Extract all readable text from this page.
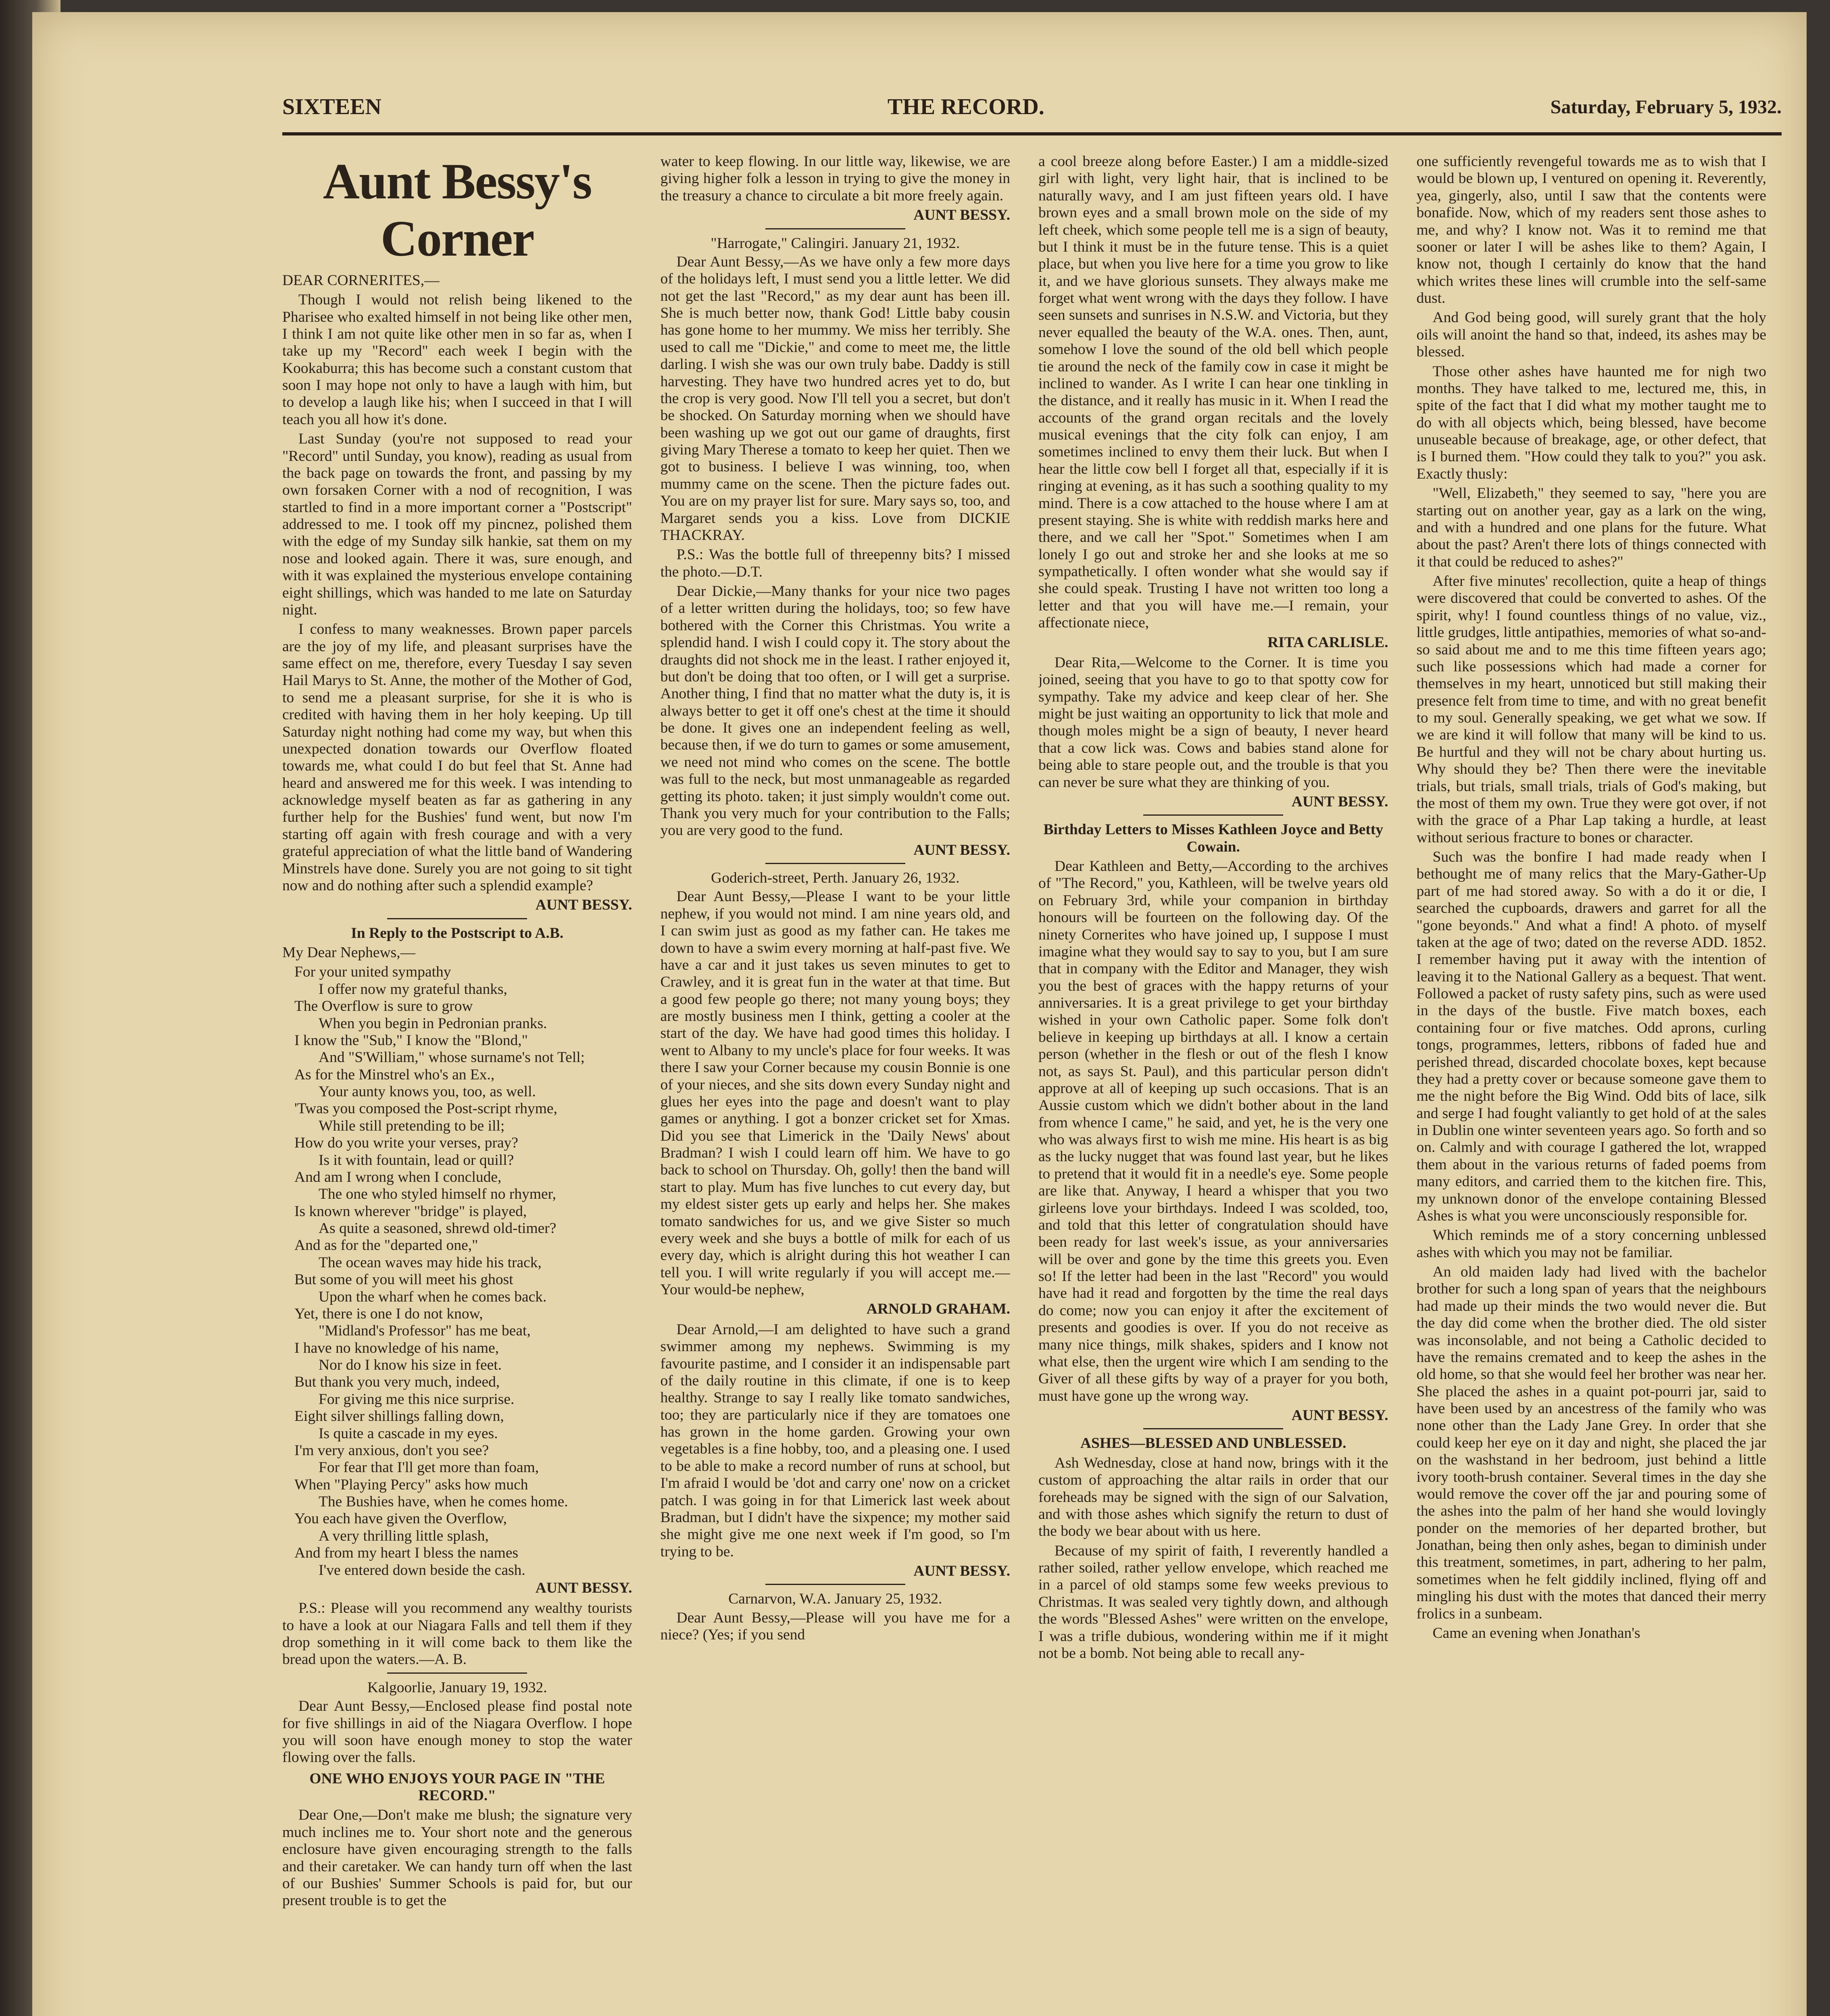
SIXTEEN	THE RECORD.	Saturday, February 5, 1932.
Aunt Bessy's Corner

DEAR CORNERITES,—

Though I would not relish being likened to the Pharisee who exalted himself in not being like other men, I think I am not quite like other men in so far as, when I take up my "Record" each week I begin with the Kookaburra; this has become such a constant custom that soon I may hope not only to have a laugh with him, but to develop a laugh like his; when I succeed in that I will teach you all how it's done.

Last Sunday (you're not supposed to read your "Record" until Sunday, you know), reading as usual from the back page on towards the front, and passing by my own forsaken Corner with a nod of recognition, I was startled to find in a more important corner a "Postscript" addressed to me. I took off my pincnez, polished them with the edge of my Sunday silk hankie, sat them on my nose and looked again. There it was, sure enough, and with it was explained the mysterious envelope containing eight shillings, which was handed to me late on Saturday night.

I confess to many weaknesses. Brown paper parcels are the joy of my life, and pleasant surprises have the same effect on me, therefore, every Tuesday I say seven Hail Marys to St. Anne, the mother of the Mother of God, to send me a pleasant surprise, for she it is who is credited with having them in her holy keeping. Up till Saturday night nothing had come my way, but when this unexpected donation towards our Overflow floated towards me, what could I do but feel that St. Anne had heard and answered me for this week. I was intending to acknowledge myself beaten as far as gathering in any further help for the Bushies' fund went, but now I'm starting off again with fresh courage and with a very grateful appreciation of what the little band of Wandering Minstrels have done. Surely you are not going to sit tight now and do nothing after such a splendid example?

AUNT BESSY.
In Reply to the Postscript to A.B.

My Dear Nephews,—

For your united sympathy

I offer now my grateful thanks,

The Overflow is sure to grow

When you begin in Pedronian pranks.

I know the "Sub," I know the "Blond,"

And "S'William," whose surname's not Tell;

As for the Minstrel who's an Ex.,

Your aunty knows you, too, as well.

'Twas you composed the Post-script rhyme,

While still pretending to be ill;

How do you write your verses, pray?

Is it with fountain, lead or quill?

And am I wrong when I conclude,

The one who styled himself no rhymer,

Is known wherever "bridge" is played,

As quite a seasoned, shrewd old-timer?

And as for the "departed one,"

The ocean waves may hide his track,

But some of you will meet his ghost

Upon the wharf when he comes back.

Yet, there is one I do not know,

"Midland's Professor" has me beat,

I have no knowledge of his name,

Nor do I know his size in feet.

But thank you very much, indeed,

For giving me this nice surprise.

Eight silver shillings falling down,

Is quite a cascade in my eyes.

I'm very anxious, don't you see?

For fear that I'll get more than foam,

When "Playing Percy" asks how much

The Bushies have, when he comes home.

You each have given the Overflow,

A very thrilling little splash,

And from my heart I bless the names

I've entered down beside the cash.

AUNT BESSY.

P.S.: Please will you recommend any wealthy tourists to have a look at our Niagara Falls and tell them if they drop something in it will come back to them like the bread upon the waters.—A. B.

Kalgoorlie, January 19, 1932.

Dear Aunt Bessy,—Enclosed please find postal note for five shillings in aid of the Niagara Overflow. I hope you will soon have enough money to stop the water flowing over the falls.

ONE WHO ENJOYS YOUR PAGE IN "THE RECORD."

Dear One,—Don't make me blush; the signature very much inclines me to. Your short note and the generous enclosure have given encouraging strength to the falls and their caretaker. We can handy turn off when the last of our Bushies' Summer Schools is paid for, but our present trouble is to get the

water to keep flowing. In our little way, likewise, we are giving higher folk a lesson in trying to give the money in the treasury a chance to circulate a bit more freely again.

AUNT BESSY.
"Harrogate," Calingiri. January 21, 1932.

Dear Aunt Bessy,—As we have only a few more days of the holidays left, I must send you a little letter. We did not get the last "Record," as my dear aunt has been ill. She is much better now, thank God! Little baby cousin has gone home to her mummy. We miss her terribly. She used to call me "Dickie," and come to meet me, the little darling. I wish she was our own truly babe. Daddy is still harvesting. They have two hundred acres yet to do, but the crop is very good. Now I'll tell you a secret, but don't be shocked. On Saturday morning when we should have been washing up we got out our game of draughts, first giving Mary Therese a tomato to keep her quiet. Then we got to business. I believe I was winning, too, when mummy came on the scene. Then the picture fades out. You are on my prayer list for sure. Mary says so, too, and Margaret sends you a kiss. Love from DICKIE THACKRAY.

P.S.: Was the bottle full of threepenny bits? I missed the photo.—D.T.

Dear Dickie,—Many thanks for your nice two pages of a letter written during the holidays, too; so few have bothered with the Corner this Christmas. You write a splendid hand. I wish I could copy it. The story about the draughts did not shock me in the least. I rather enjoyed it, but don't be doing that too often, or I will get a surprise. Another thing, I find that no matter what the duty is, it is always better to get it off one's chest at the time it should be done. It gives one an independent feeling as well, because then, if we do turn to games or some amusement, we need not mind who comes on the scene. The bottle was full to the neck, but most unmanageable as regarded getting its photo. taken; it just simply wouldn't come out. Thank you very much for your contribution to the Falls; you are very good to the fund.

AUNT BESSY.
Goderich-street, Perth. January 26, 1932.

Dear Aunt Bessy,—Please I want to be your little nephew, if you would not mind. I am nine years old, and I can swim just as good as my father can. He takes me down to have a swim every morning at half-past five. We have a car and it just takes us seven minutes to get to Crawley, and it is great fun in the water at that time. But a good few people go there; not many young boys; they are mostly business men I think, getting a cooler at the start of the day. We have had good times this holiday. I went to Albany to my uncle's place for four weeks. It was there I saw your Corner because my cousin Bonnie is one of your nieces, and she sits down every Sunday night and glues her eyes into the page and doesn't want to play games or anything. I got a bonzer cricket set for Xmas. Did you see that Limerick in the 'Daily News' about Bradman? I wish I could learn off him. We have to go back to school on Thursday. Oh, golly! then the band will start to play. Mum has five lunches to cut every day, but my eldest sister gets up early and helps her. She makes tomato sandwiches for us, and we give Sister so much every week and she buys a bottle of milk for each of us every day, which is alright during this hot weather I can tell you. I will write regularly if you will accept me.—Your would-be nephew,

ARNOLD GRAHAM.

Dear Arnold,—I am delighted to have such a grand swimmer among my nephews. Swimming is my favourite pastime, and I consider it an indispensable part of the daily routine in this climate, if one is to keep healthy. Strange to say I really like tomato sandwiches, too; they are particularly nice if they are tomatoes one has grown in the home garden. Growing your own vegetables is a fine hobby, too, and a pleasing one. I used to be able to make a record number of runs at school, but I'm afraid I would be 'dot and carry one' now on a cricket patch. I was going in for that Limerick last week about Bradman, but I didn't have the sixpence; my mother said she might give me one next week if I'm good, so I'm trying to be.

AUNT BESSY.
Carnarvon, W.A. January 25, 1932.

Dear Aunt Bessy,—Please will you have me for a niece? (Yes; if you send

a cool breeze along before Easter.) I am a middle-sized girl with light, very light hair, that is inclined to be naturally wavy, and I am just fifteen years old. I have brown eyes and a small brown mole on the side of my left cheek, which some people tell me is a sign of beauty, but I think it must be in the future tense. This is a quiet place, but when you live here for a time you grow to like it, and we have glorious sunsets. They always make me forget what went wrong with the days they follow. I have seen sunsets and sunrises in N.S.W. and Victoria, but they never equalled the beauty of the W.A. ones. Then, aunt, somehow I love the sound of the old bell which people tie around the neck of the family cow in case it might be inclined to wander. As I write I can hear one tinkling in the distance, and it really has music in it. When I read the accounts of the grand organ recitals and the lovely musical evenings that the city folk can enjoy, I am sometimes inclined to envy them their luck. But when I hear the little cow bell I forget all that, especially if it is ringing at evening, as it has such a soothing quality to my mind. There is a cow attached to the house where I am at present staying. She is white with reddish marks here and there, and we call her "Spot." Sometimes when I am lonely I go out and stroke her and she looks at me so sympathetically. I often wonder what she would say if she could speak. Trusting I have not written too long a letter and that you will have me.—I remain, your affectionate niece,

RITA CARLISLE.

Dear Rita,—Welcome to the Corner. It is time you joined, seeing that you have to go to that spotty cow for sympathy. Take my advice and keep clear of her. She might be just waiting an opportunity to lick that mole and though moles might be a sign of beauty, I never heard that a cow lick was. Cows and babies stand alone for being able to stare people out, and the trouble is that you can never be sure what they are thinking of you.

AUNT BESSY.
Birthday Letters to Misses Kathleen Joyce and Betty Cowain.

Dear Kathleen and Betty,—According to the archives of "The Record," you, Kathleen, will be twelve years old on February 3rd, while your companion in birthday honours will be fourteen on the following day. Of the ninety Cornerites who have joined up, I suppose I must imagine what they would say to say to you, but I am sure that in company with the Editor and Manager, they wish you the best of graces with the happy returns of your anniversaries. It is a great privilege to get your birthday wished in your own Catholic paper. Some folk don't believe in keeping up birthdays at all. I know a certain person (whether in the flesh or out of the flesh I know not, as says St. Paul), and this particular person didn't approve at all of keeping up such occasions. That is an Aussie custom which we didn't bother about in the land from whence I came," he said, and yet, he is the very one who was always first to wish me mine. His heart is as big as the lucky nugget that was found last year, but he likes to pretend that it would fit in a needle's eye. Some people are like that. Anyway, I heard a whisper that you two girleens love your birthdays. Indeed I was scolded, too, and told that this letter of congratulation should have been ready for last week's issue, as your anniversaries will be over and gone by the time this greets you. Even so! If the letter had been in the last "Record" you would have had it read and forgotten by the time the real days do come; now you can enjoy it after the excitement of presents and goodies is over. If you do not receive as many nice things, milk shakes, spiders and I know not what else, then the urgent wire which I am sending to the Giver of all these gifts by way of a prayer for you both, must have gone up the wrong way.

AUNT BESSY.
ASHES—BLESSED AND UNBLESSED.

Ash Wednesday, close at hand now, brings with it the custom of approaching the altar rails in order that our foreheads may be signed with the sign of our Salvation, and with those ashes which signify the return to dust of the body we bear about with us here.

Because of my spirit of faith, I reverently handled a rather soiled, rather yellow envelope, which reached me in a parcel of old stamps some few weeks previous to Christmas. It was sealed very tightly down, and although the words "Blessed Ashes" were written on the envelope, I was a trifle dubious, wondering within me if it might not be a bomb. Not being able to recall any-

one sufficiently revengeful towards me as to wish that I would be blown up, I ventured on opening it. Reverently, yea, gingerly, also, until I saw that the contents were bonafide. Now, which of my readers sent those ashes to me, and why? I know not. Was it to remind me that sooner or later I will be ashes like to them? Again, I know not, though I certainly do know that the hand which writes these lines will crumble into the self-same dust.

And God being good, will surely grant that the holy oils will anoint the hand so that, indeed, its ashes may be blessed.

Those other ashes have haunted me for nigh two months. They have talked to me, lectured me, this, in spite of the fact that I did what my mother taught me to do with all objects which, being blessed, have become unuseable because of breakage, age, or other defect, that is I burned them. "How could they talk to you?" you ask. Exactly thusly:

"Well, Elizabeth," they seemed to say, "here you are starting out on another year, gay as a lark on the wing, and with a hundred and one plans for the future. What about the past? Aren't there lots of things connected with it that could be reduced to ashes?"

After five minutes' recollection, quite a heap of things were discovered that could be converted to ashes. Of the spirit, why! I found countless things of no value, viz., little grudges, little antipathies, memories of what so-and-so said about me and to me this time fifteen years ago; such like possessions which had made a corner for themselves in my heart, unnoticed but still making their presence felt from time to time, and with no great benefit to my soul. Generally speaking, we get what we sow. If we are kind it will follow that many will be kind to us. Be hurtful and they will not be chary about hurting us. Why should they be? Then there were the inevitable trials, but trials, small trials, trials of God's making, but the most of them my own. True they were got over, if not with the grace of a Phar Lap taking a hurdle, at least without serious fracture to bones or character.

Such was the bonfire I had made ready when I bethought me of many relics that the Mary-Gather-Up part of me had stored away. So with a do it or die, I searched the cupboards, drawers and garret for all the "gone beyonds." And what a find! A photo. of myself taken at the age of two; dated on the reverse ADD. 1852. I remember having put it away with the intention of leaving it to the National Gallery as a bequest. That went. Followed a packet of rusty safety pins, such as were used in the days of the bustle. Five match boxes, each containing four or five matches. Odd aprons, curling tongs, programmes, letters, ribbons of faded hue and perished thread, discarded chocolate boxes, kept because they had a pretty cover or because someone gave them to me the night before the Big Wind. Odd bits of lace, silk and serge I had fought valiantly to get hold of at the sales in Dublin one winter seventeen years ago. So forth and so on. Calmly and with courage I gathered the lot, wrapped them about in the various returns of faded poems from many editors, and carried them to the kitchen fire. This, my unknown donor of the envelope containing Blessed Ashes is what you were unconsciously responsible for.

Which reminds me of a story concerning unblessed ashes with which you may not be familiar.

An old maiden lady had lived with the bachelor brother for such a long span of years that the neighbours had made up their minds the two would never die. But the day did come when the brother died. The old sister was inconsolable, and not being a Catholic decided to have the remains cremated and to keep the ashes in the old home, so that she would feel her brother was near her. She placed the ashes in a quaint pot-pourri jar, said to have been used by an ancestress of the family who was none other than the Lady Jane Grey. In order that she could keep her eye on it day and night, she placed the jar on the washstand in her bedroom, just behind a little ivory tooth-brush container. Several times in the day she would remove the cover off the jar and pouring some of the ashes into the palm of her hand she would lovingly ponder on the memories of her departed brother, but Jonathan, being then only ashes, began to diminish under this treatment, sometimes, in part, adhering to her palm, sometimes when he felt giddily inclined, flying off and mingling his dust with the motes that danced their merry frolics in a sunbeam.

Came an evening when Jonathan's
